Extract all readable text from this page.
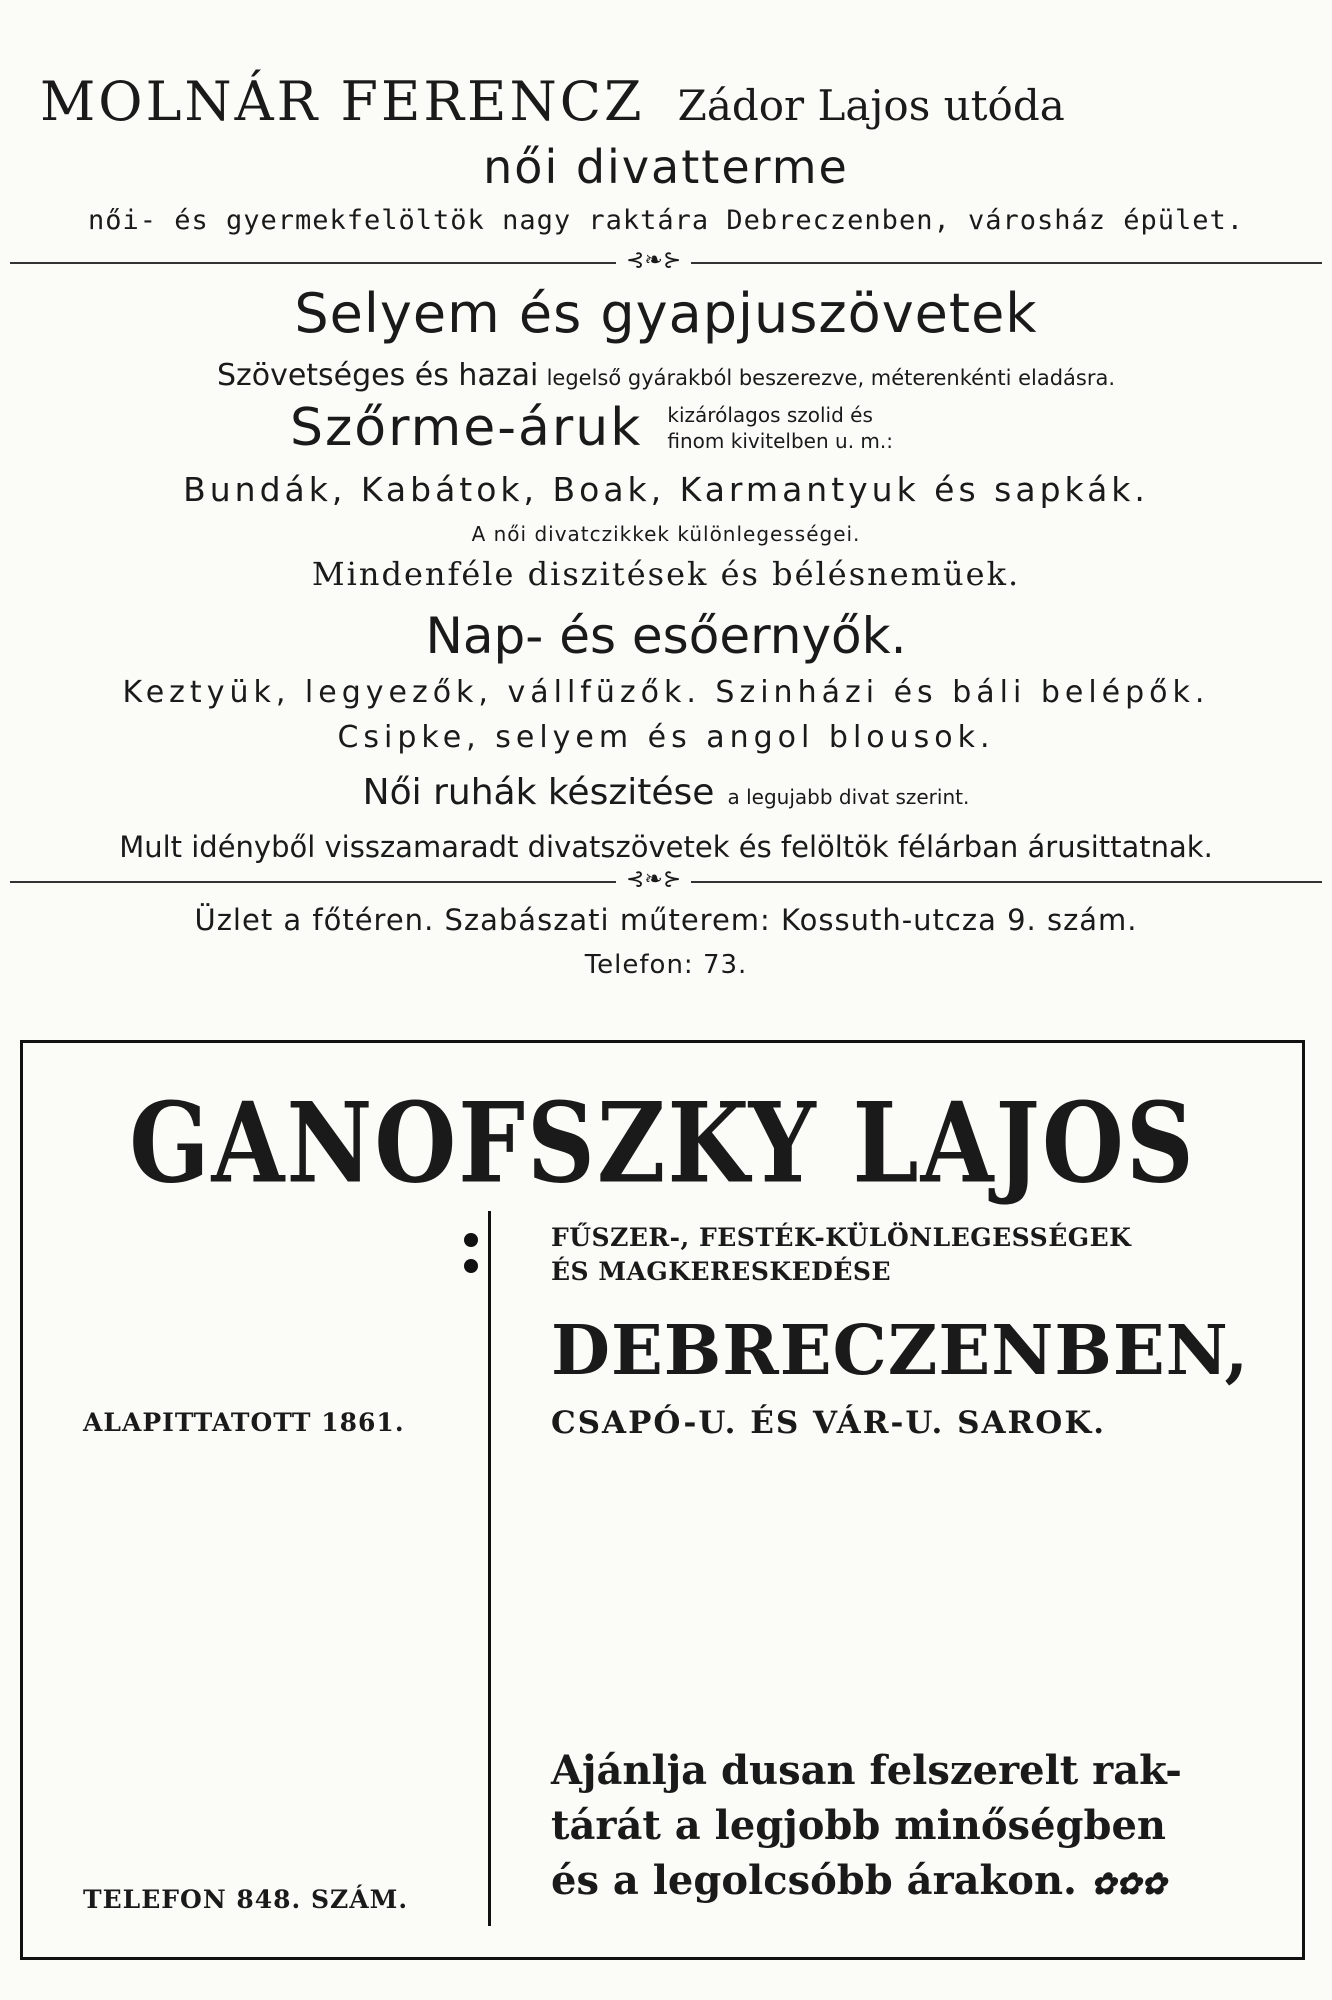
MOLNÁR FERENCZ Zádor Lajos utóda
női divatterme
női- és gyermekfelöltök nagy raktára Debreczenben, városház épület.
⊰❧⊱
Selyem és gyapjuszövetek
Szövetséges és hazai legelső gyárakból beszerezve, méterenkénti eladásra.
Szőrme-áruk kizárólagos szolid és
finom kivitelben u. m.:
Bundák, Kabátok, Boak, Karmantyuk és sapkák.
A női divatczikkek különlegességei.
Mindenféle diszitések és bélésnemüek.
Nap- és esőernyők.
Keztyük, legyezők, vállfüzők. Szinházi és báli belépők.
Csipke, selyem és angol blousok.
Női ruhák készitése a legujabb divat szerint.
Mult idényből visszamaradt divatszövetek és felöltök félárban árusittatnak.
⊰❧⊱
Üzlet a főtéren. Szabászati műterem: Kossuth-utcza 9. szám.
Telefon: 73.
GANOFSZKY LAJOS
FŰSZER-, FESTÉK-KÜLÖNLEGESSÉGEK
ÉS MAGKERESKEDÉSE
DEBRECZENBEN,
CSAPÓ-U. ÉS VÁR-U. SAROK.
ALAPITTATOTT 1861.
TELEFON 848. SZÁM.
Ajánlja dusan felszerelt rak-
tárát a legjobb minőségben
és a legolcsóbb árakon. ✿✿✿
